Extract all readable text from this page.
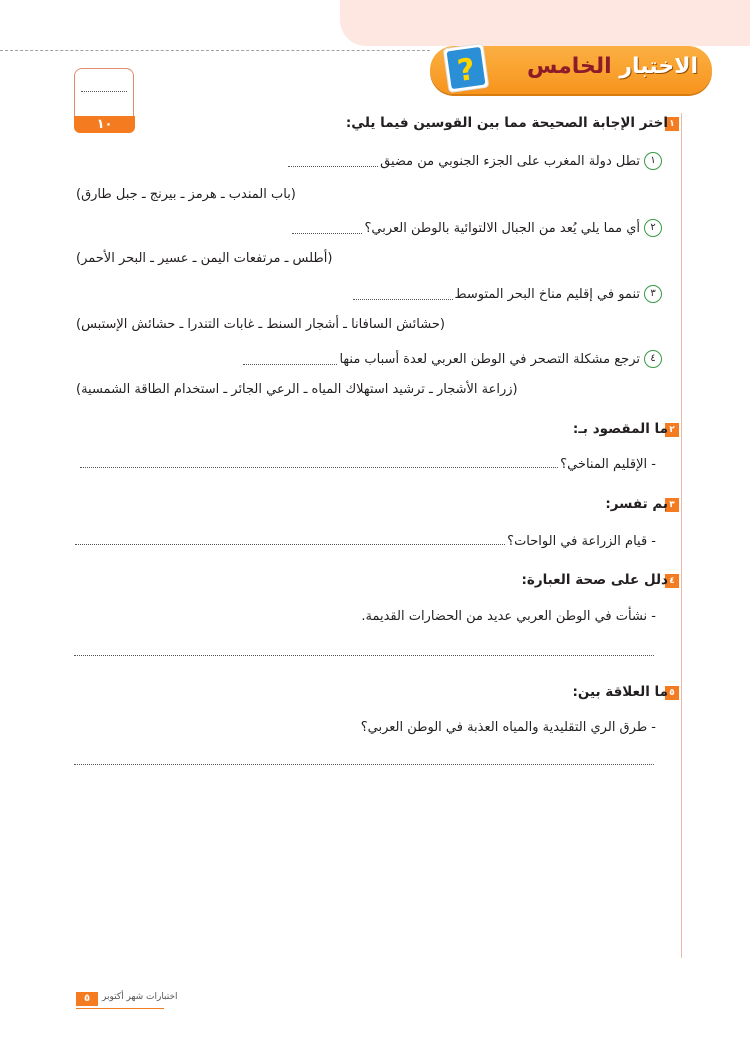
الاختبار الخامس
?
١٠	١
اختر الإجابة الصحيحة مما بين القوسين فيما يلي:
١
تطل دولة المغرب على الجزء الجنوبي من مضيق
(باب المندب ـ هرمز ـ بيرنج ـ جبل طارق)
٢
أي مما يلي يُعد من الجبال الالتوائية بالوطن العربي؟
(أطلس ـ مرتفعات اليمن ـ عسير ـ البحر الأحمر)
٣
تنمو في إقليم مناخ البحر المتوسط
(حشائش السافانا ـ أشجار السنط ـ غابات التندرا ـ حشائش الإستبس)
٤
ترجع مشكلة التصحر في الوطن العربي لعدة أسباب منها
(زراعة الأشجار ـ ترشيد استهلاك المياه ـ الرعي الجائر ـ استخدام الطاقة الشمسية)
٢
ما المقصود بـ:
- الإقليم المناخي؟
٣
بم تفسر:
- قيام الزراعة في الواحات؟
٤
دلل على صحة العبارة:
- نشأت في الوطن العربي عديد من الحضارات القديمة.
٥
ما العلاقة بين:
- طرق الري التقليدية والمياه العذبة في الوطن العربي؟
٥	اختبارات شهر أكتوبر
